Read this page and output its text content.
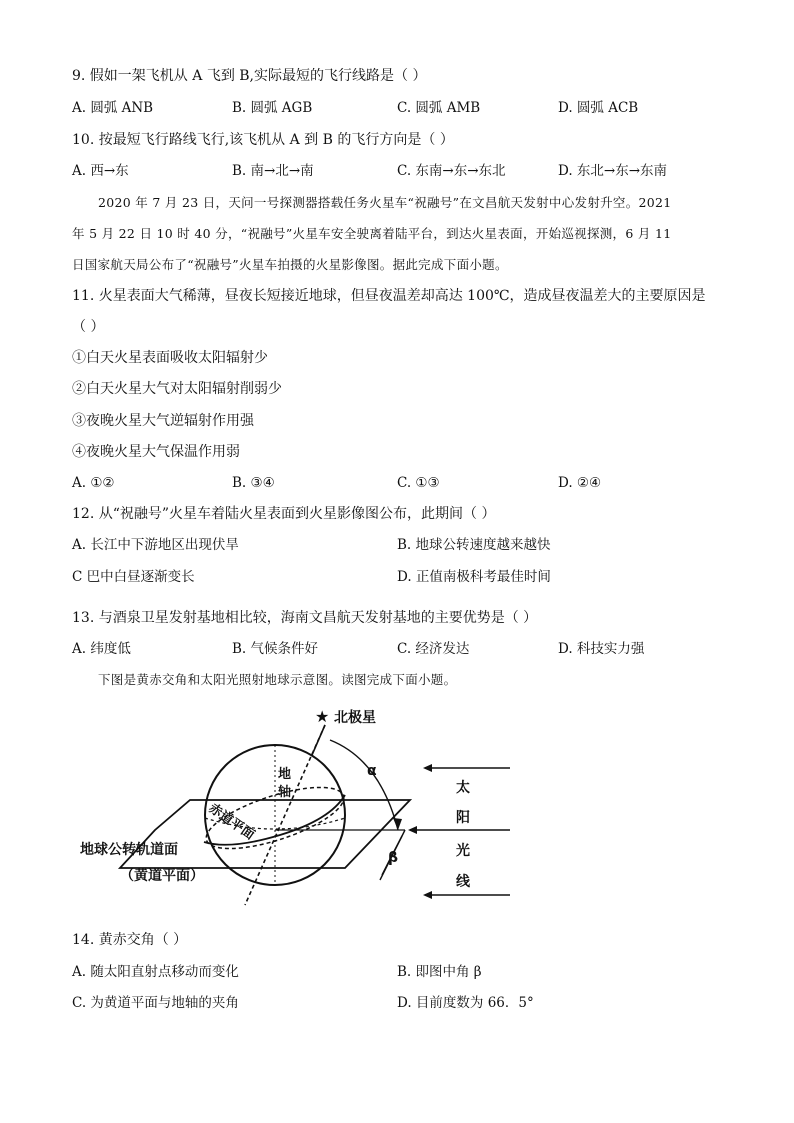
9. 假如一架飞机从 A 飞到 B,实际最短的飞行线路是（ ）
A. 圆弧 ANB	B. 圆弧 AGB	C. 圆弧 AMB	D. 圆弧 ACB
10. 按最短飞行路线飞行,该飞机从 A 到 B 的飞行方向是（ ）
A. 西→东	B. 南→北→南	C. 东南→东→东北	D. 东北→东→东南
2020 年 7 月 23 日，天问一号探测器搭载任务火星车“祝融号”在文昌航天发射中心发射升空。2021
年 5 月 22 日 10 时 40 分，“祝融号”火星车安全驶离着陆平台，到达火星表面，开始巡视探测，6 月 11
日国家航天局公布了“祝融号”火星车拍摄的火星影像图。据此完成下面小题。
11. 火星表面大气稀薄，昼夜长短接近地球，但昼夜温差却高达 100℃，造成昼夜温差大的主要原因是
（ ）
①白天火星表面吸收太阳辐射少
②白天火星大气对太阳辐射削弱少
③夜晚火星大气逆辐射作用强
④夜晚火星大气保温作用弱
A. ①②	B. ③④	C. ①③	D. ②④
12. 从“祝融号”火星车着陆火星表面到火星影像图公布，此期间（ ）
A. 长江中下游地区出现伏旱	B. 地球公转速度越来越快
C 巴中白昼逐渐变长	D. 正值南极科考最佳时间
13. 与酒泉卫星发射基地相比较，海南文昌航天发射基地的主要优势是（ ）
A. 纬度低	B. 气候条件好	C. 经济发达	D. 科技实力强
下图是黄赤交角和太阳光照射地球示意图。读图完成下面小题。
★ 北极星
α
β
太
阳
光
线
地
轴
赤道平面
地球公转轨道面
（黄道平面）
14. 黄赤交角（ ）
A. 随太阳直射点移动而变化	B. 即图中角 β
C. 为黄道平面与地轴的夹角	D. 目前度数为 66．5°
